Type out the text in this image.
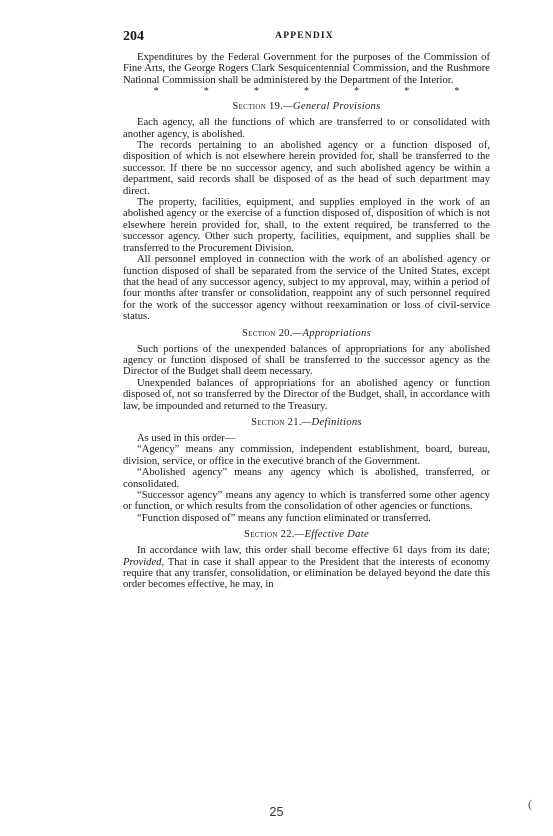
204	APPENDIX

Expenditures by the Federal Government for the purposes of the Commission of Fine Arts, the George Rogers Clark Sesquicentennial Commission, and the Rushmore National Commission shall be administered by the Department of the Interior.

*	*	*	*	*	*	*
Section 19.—General Provisions

Each agency, all the functions of which are transferred to or consolidated with another agency, is abolished.

The records pertaining to an abolished agency or a function disposed of, disposition of which is not elsewhere herein provided for, shall be transferred to the successor. If there be no successor agency, and such abolished agency be within a department, said records shall be disposed of as the head of such department may direct.

The property, facilities, equipment, and supplies employed in the work of an abolished agency or the exercise of a function disposed of, disposition of which is not elsewhere herein provided for, shall, to the extent required, be transferred to the successor agency. Other such property, facilities, equipment, and supplies shall be transferred to the Procurement Division.

All personnel employed in connection with the work of an abolished agency or function disposed of shall be separated from the service of the United States, except that the head of any successor agency, subject to my approval, may, within a period of four months after transfer or consolidation, reappoint any of such personnel required for the work of the successor agency without reexamination or loss of civil-service status.

Section 20.—Appropriations

Such portions of the unexpended balances of appropriations for any abolished agency or function disposed of shall be transferred to the successor agency as the Director of the Budget shall deem necessary.

Unexpended balances of appropriations for an abolished agency or function disposed of, not so transferred by the Director of the Budget, shall, in accordance with law, be impounded and returned to the Treasury.

Section 21.—Definitions

As used in this order—

“Agency” means any commission, independent establishment, board, bureau, division, service, or office in the executive branch of the Government.

“Abolished agency” means any agency which is abolished, transferred, or consolidated.

“Successor agency” means any agency to which is transferred some other agency or function, or which results from the consolidation of other agencies or functions.

“Function disposed of” means any function eliminated or transferred.

Section 22.—Effective Date

In accordance with law, this order shall become effective 61 days from its date; Provided, That in case it shall appear to the President that the interests of economy require that any transfer, consolidation, or elimination be delayed beyond the date this order becomes effective, he may, in

25
(
